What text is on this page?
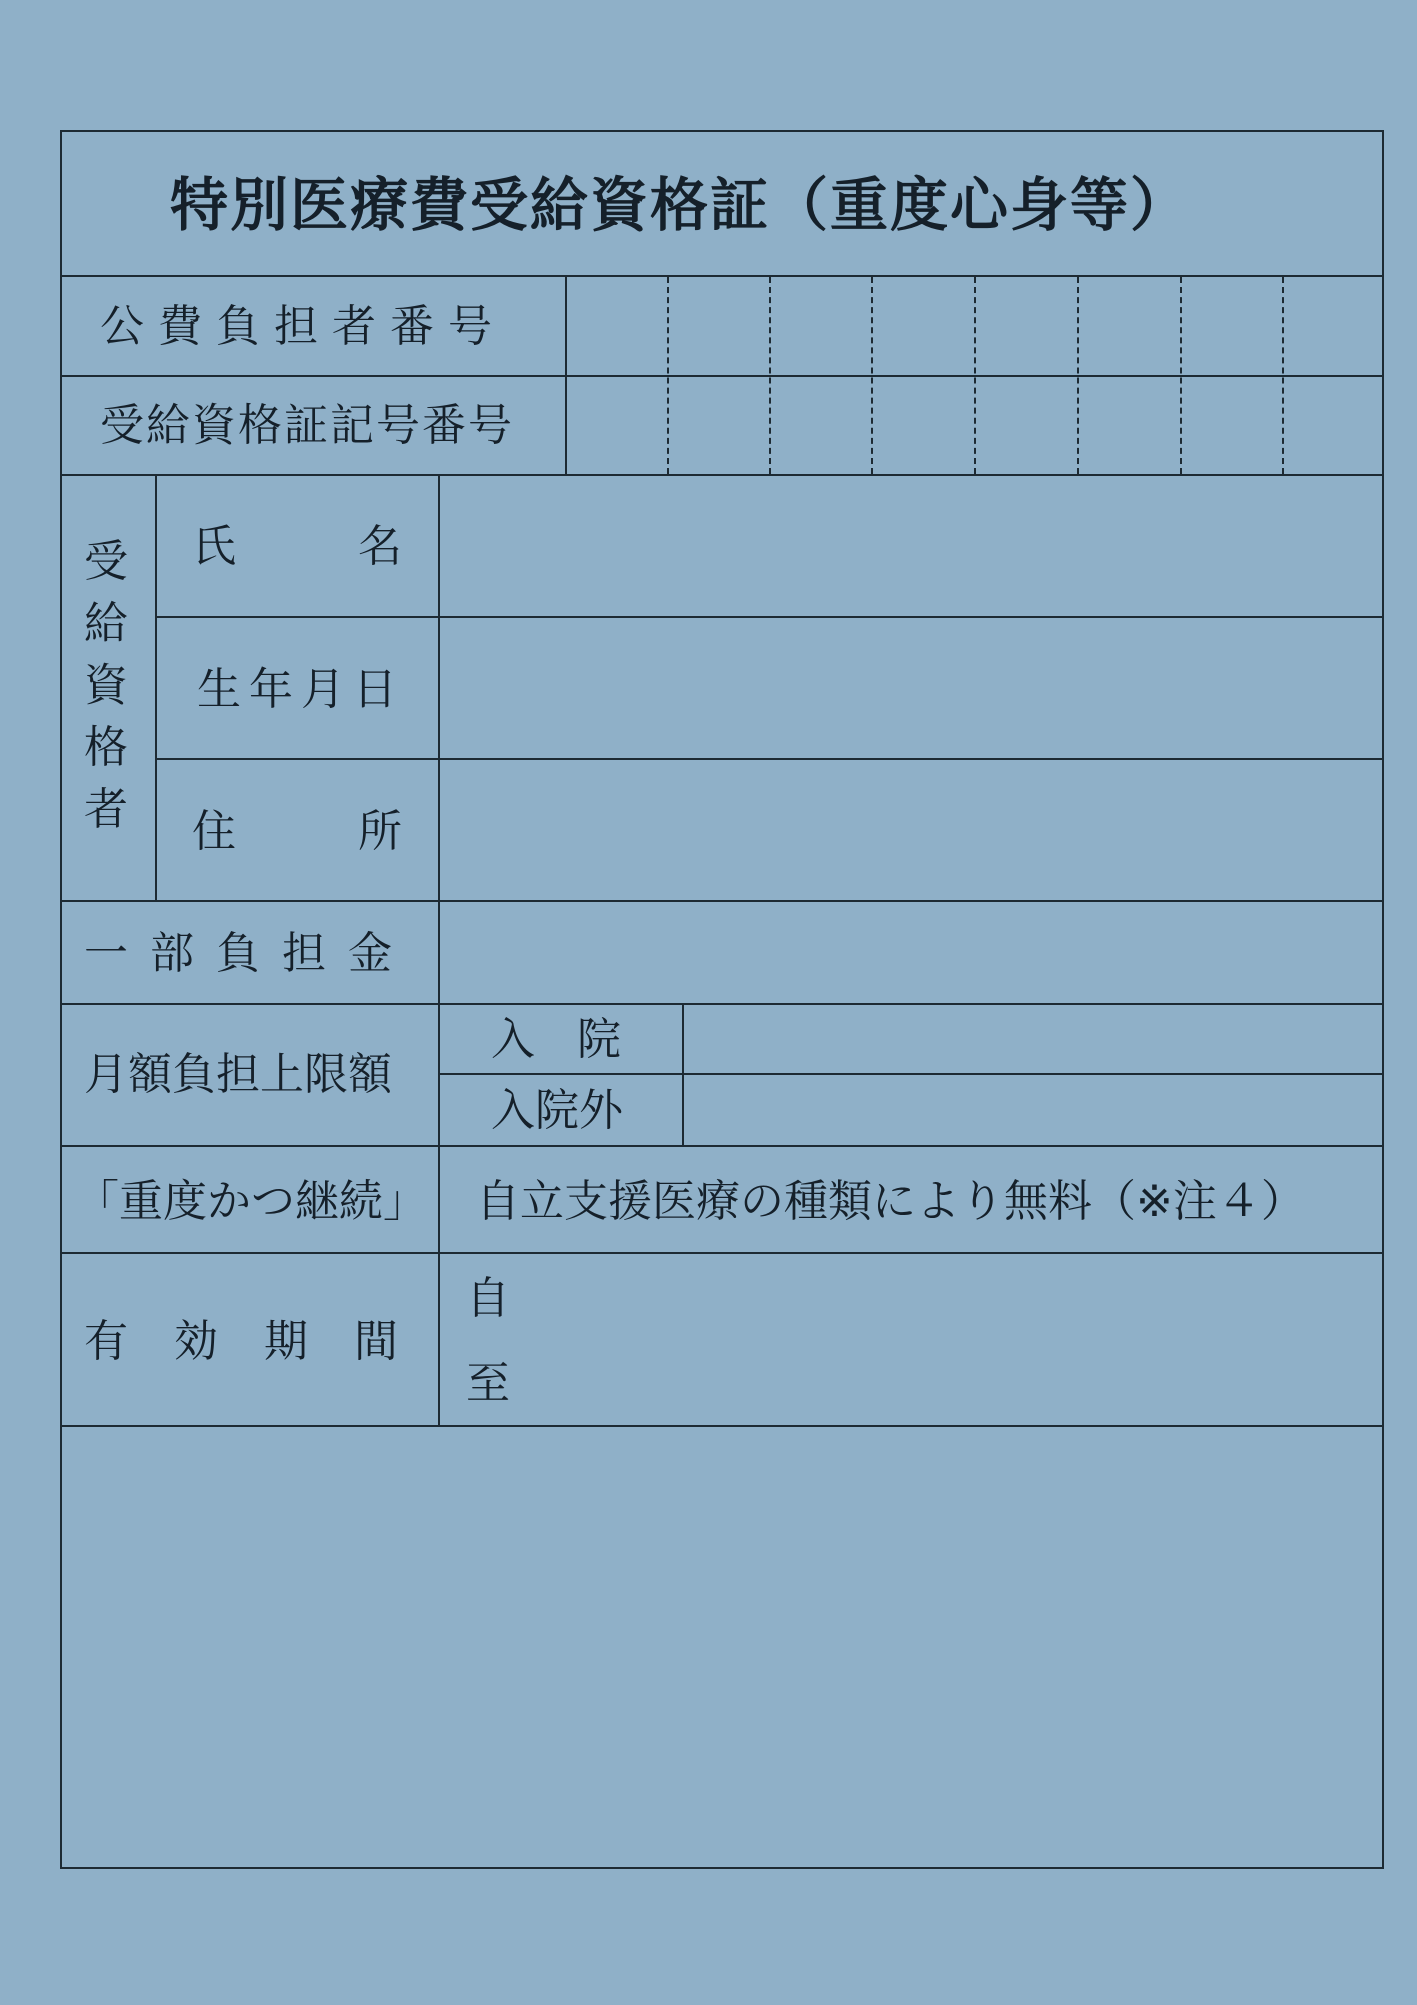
特別医療費受給資格証（重度心身等）
公費負担者番号
受給資格証記号番号
受
給
資
格
者
氏	名
生年月日
住	所
一部負担金
月額負担上限額
入院
入院外
「重度かつ継続」 自立支援医療の種類により無料（※注４）
有効期間
自
至
